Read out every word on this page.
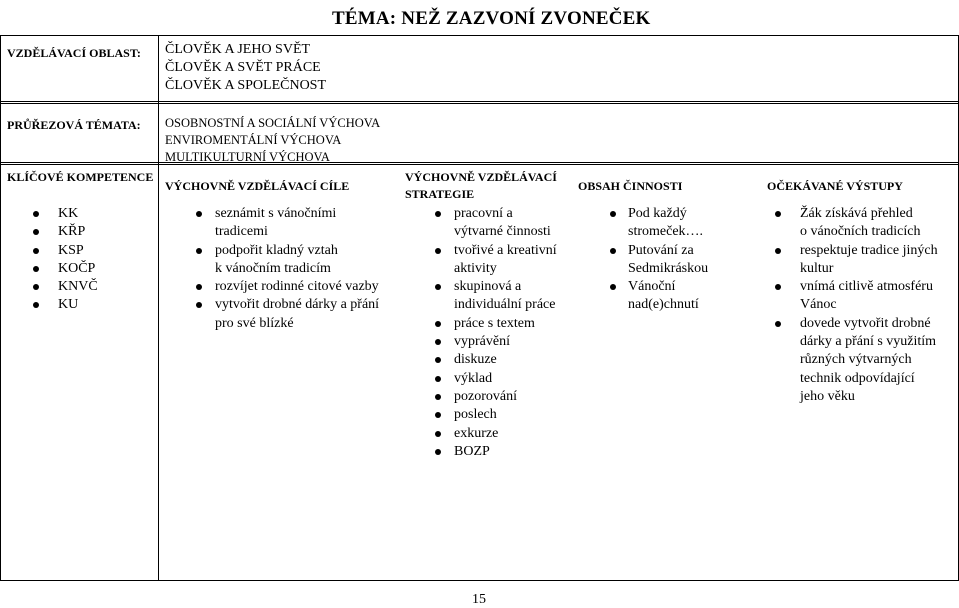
TÉMA: NEŽ ZAZVONÍ ZVONEČEK
VZDĚLÁVACÍ OBLAST: ČLOVĚK A JEHO SVĚT
ČLOVĚK A SVĚT PRÁCE
ČLOVĚK A SPOLEČNOST
PRŮŘEZOVÁ TÉMATA: OSOBNOSTNÍ A SOCIÁLNÍ VÝCHOVA
ENVIROMENTÁLNÍ VÝCHOVA
MULTIKULTURNÍ VÝCHOVA
KLÍČOVÉ KOMPETENCE
VÝCHOVNĚ VZDĚLÁVACÍ CÍLE
VÝCHOVNĚ VZDĚLÁVACÍ
STRATEGIE
OBSAH ČINNOSTI	OČEKÁVANÉ VÝSTUPY
KK
KŘP
KSP
KOČP
KNVČ
KU
seznámit s vánočními
tradicemi
podpořit kladný vztah
k vánočním tradicím
rozvíjet rodinné citové vazby
vytvořit drobné dárky a přání
pro své blízké
pracovní a
výtvarné činnosti
tvořivé a kreativní
aktivity
skupinová a
individuální práce
práce s textem
vyprávění
diskuze
výklad
pozorování
poslech
exkurze
BOZP
Pod každý
stromeček….
Putování za
Sedmikráskou
Vánoční
nad(e)chnutí
Žák získává přehled
o vánočních tradicích
respektuje tradice jiných
kultur
vnímá citlivě atmosféru
Vánoc
dovede vytvořit drobné
dárky a přání s využitím
různých výtvarných
technik odpovídající
jeho věku
15
